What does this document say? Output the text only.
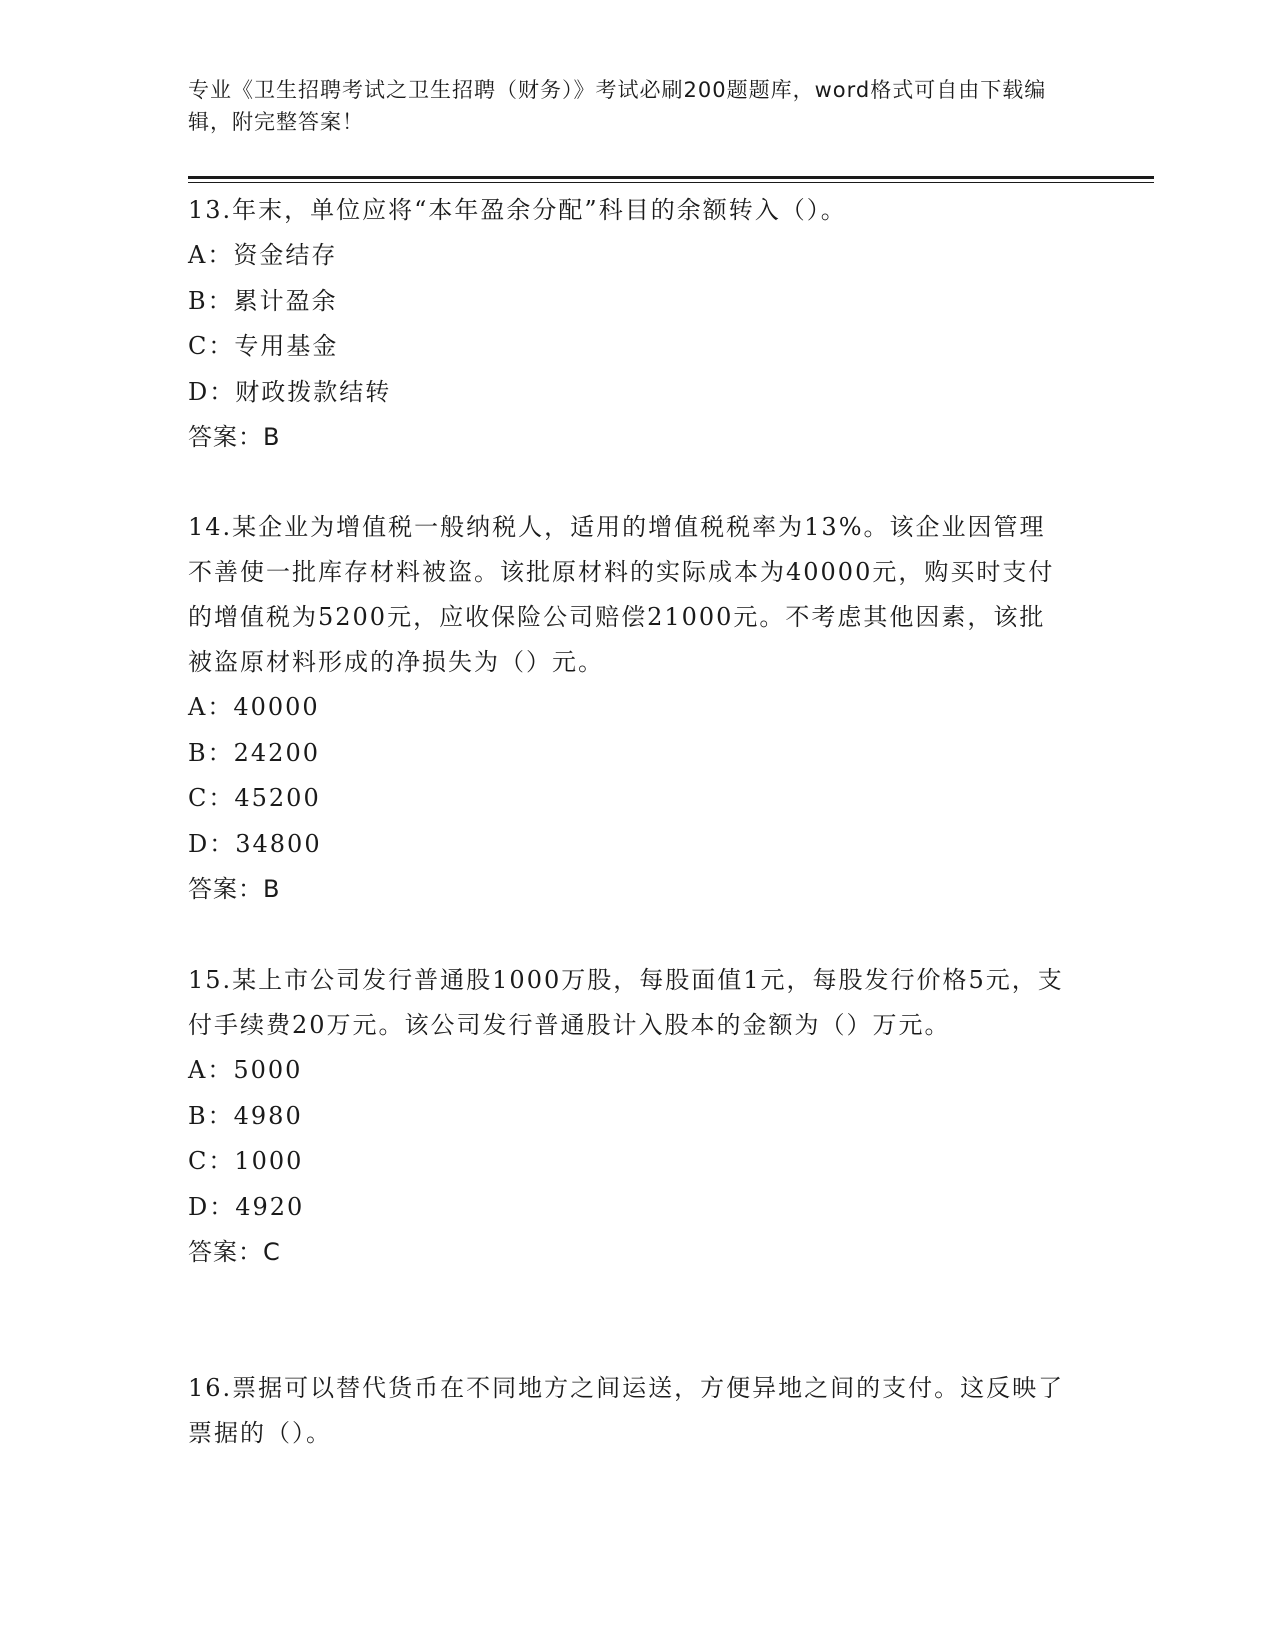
专业《卫生招聘考试之卫生招聘（财务）》考试必刷200题题库，word格式可自由下载编辑，附完整答案！

13.年末，单位应将“本年盈余分配”科目的余额转入（）。

A：资金结存

B：累计盈余

C：专用基金

D：财政拨款结转

答案：B

14.某企业为增值税一般纳税人，适用的增值税税率为13%。该企业因管理不善使一批库存材料被盗。该批原材料的实际成本为40000元，购买时支付的增值税为5200元，应收保险公司赔偿21000元。不考虑其他因素，该批被盗原材料形成的净损失为（）元。

A：40000

B：24200

C：45200

D：34800

答案：B

15.某上市公司发行普通股1000万股，每股面值1元，每股发行价格5元，支付手续费20万元。该公司发行普通股计入股本的金额为（）万元。

A：5000

B：4980

C：1000

D：4920

答案：C

16.票据可以替代货币在不同地方之间运送，方便异地之间的支付。这反映了票据的（）。
